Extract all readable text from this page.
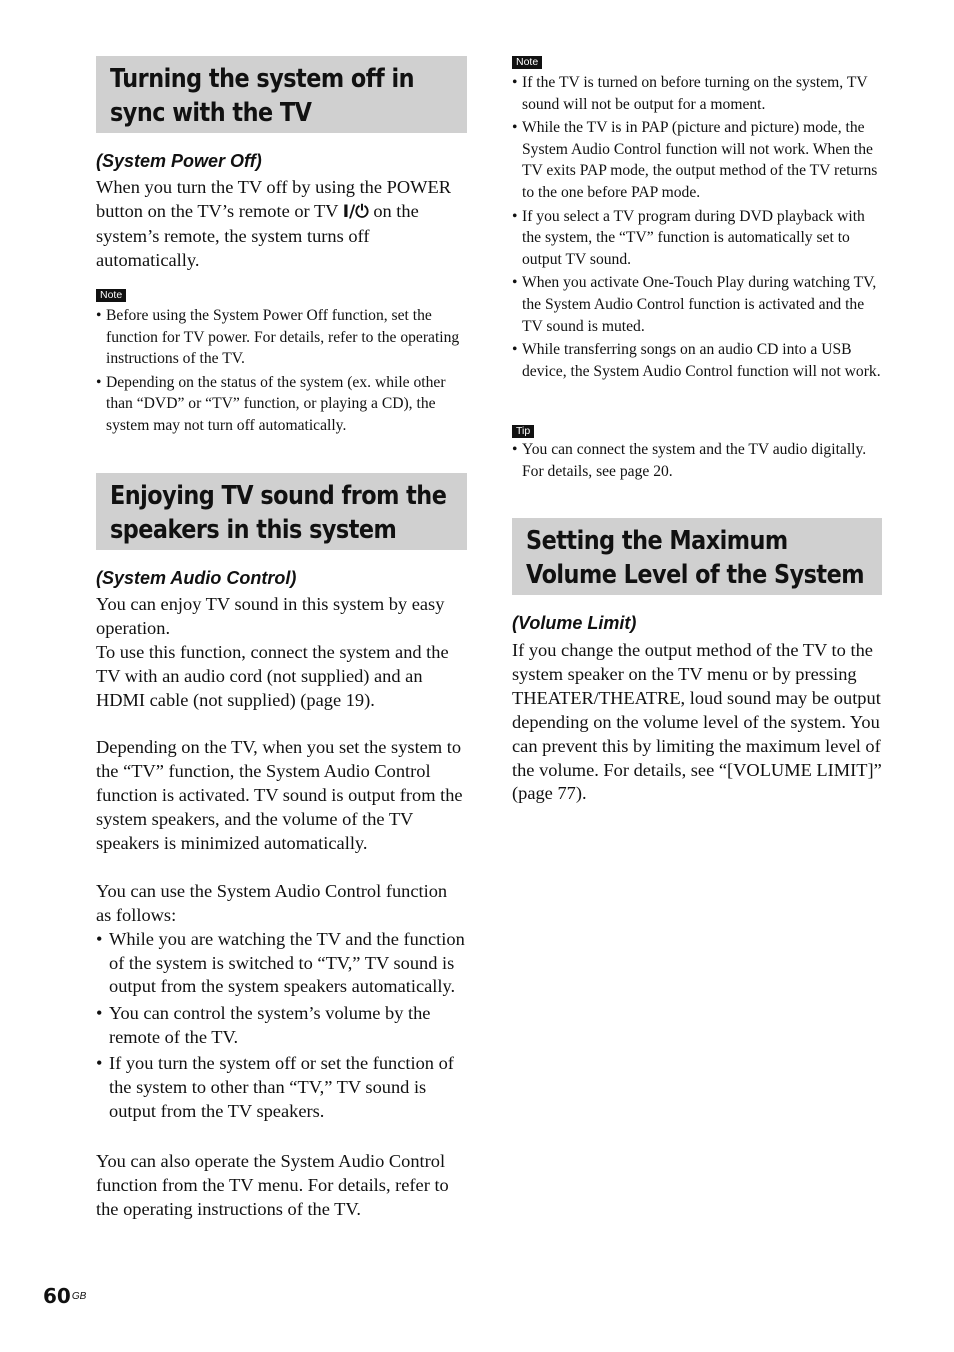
Turning the system off in sync with the TV
(System Power Off)

When you turn the TV off by using the POWER button on the TV’s remote or TV I/⏻ on the system’s remote, the system turns off automatically.

Note
• Before using the System Power Off function, set the function for TV power. For details, refer to the operating instructions of the TV.
• Depending on the status of the system (ex. while other than “DVD” or “TV” function, or playing a CD), the system may not turn off automatically.
Enjoying TV sound from the speakers in this system
(System Audio Control)

You can enjoy TV sound in this system by easy operation.

To use this function, connect the system and the TV with an audio cord (not supplied) and an HDMI cable (not supplied) (page 19).

Depending on the TV, when you set the system to the “TV” function, the System Audio Control function is activated. TV sound is output from the system speakers, and the volume of the TV speakers is minimized automatically.

You can use the System Audio Control function as follows:

• While you are watching the TV and the function of the system is switched to “TV,” TV sound is output from the system speakers automatically.
• You can control the system’s volume by the remote of the TV.
• If you turn the system off or set the function of the system to other than “TV,” TV sound is output from the TV speakers.

You can also operate the System Audio Control function from the TV menu. For details, refer to the operating instructions of the TV.

Note
• If the TV is turned on before turning on the system, TV sound will not be output for a moment.
• While the TV is in PAP (picture and picture) mode, the System Audio Control function will not work. When the TV exits PAP mode, the output method of the TV returns to the one before PAP mode.
• If you select a TV program during DVD playback with the system, the “TV” function is automatically set to output TV sound.
• When you activate One-Touch Play during watching TV, the System Audio Control function is activated and the TV sound is muted.
• While transferring songs on an audio CD into a USB device, the System Audio Control function will not work.
Tip
• You can connect the system and the TV audio digitally. For details, see page 20.
Setting the Maximum Volume Level of the System
(Volume Limit)

If you change the output method of the TV to the system speaker on the TV menu or by pressing THEATER/THEATRE, loud sound may be output depending on the volume level of the system. You can prevent this by limiting the maximum level of the volume. For details, see “[VOLUME LIMIT]” (page 77).

$60^{GB}$
